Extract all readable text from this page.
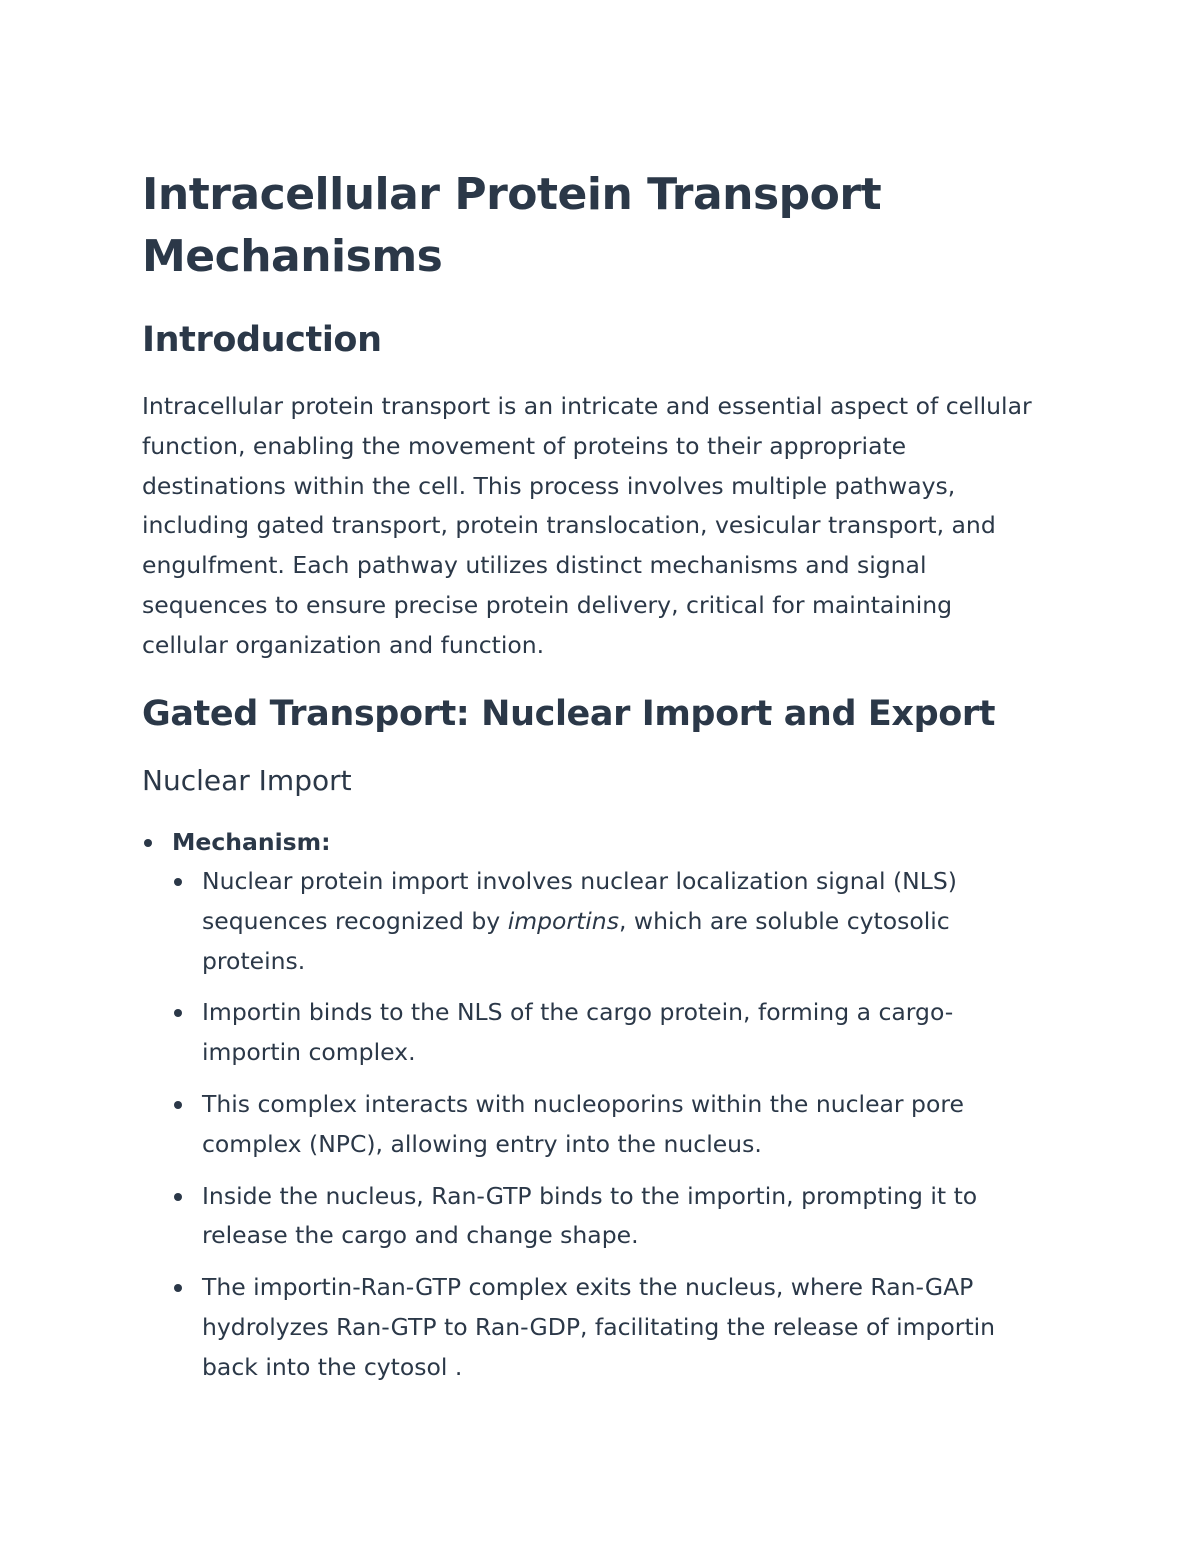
Intracellular Protein Transport Mechanisms
Introduction

Intracellular protein transport is an intricate and essential aspect of cellular function, enabling the movement of proteins to their appropriate destinations within the cell. This process involves multiple pathways, including gated transport, protein translocation, vesicular transport, and engulfment. Each pathway utilizes distinct mechanisms and signal sequences to ensure precise protein delivery, critical for maintaining cellular organization and function.

Gated Transport: Nuclear Import and Export
Nuclear Import
Mechanism:
Nuclear protein import involves nuclear localization signal (NLS) sequences recognized by importins, which are soluble cytosolic proteins.
Importin binds to the NLS of the cargo protein, forming a cargo-importin complex.
This complex interacts with nucleoporins within the nuclear pore complex (NPC), allowing entry into the nucleus.
Inside the nucleus, Ran-GTP binds to the importin, prompting it to release the cargo and change shape.
The importin-Ran-GTP complex exits the nucleus, where Ran-GAP hydrolyzes Ran-GTP to Ran-GDP, facilitating the release of importin back into the cytosol .
